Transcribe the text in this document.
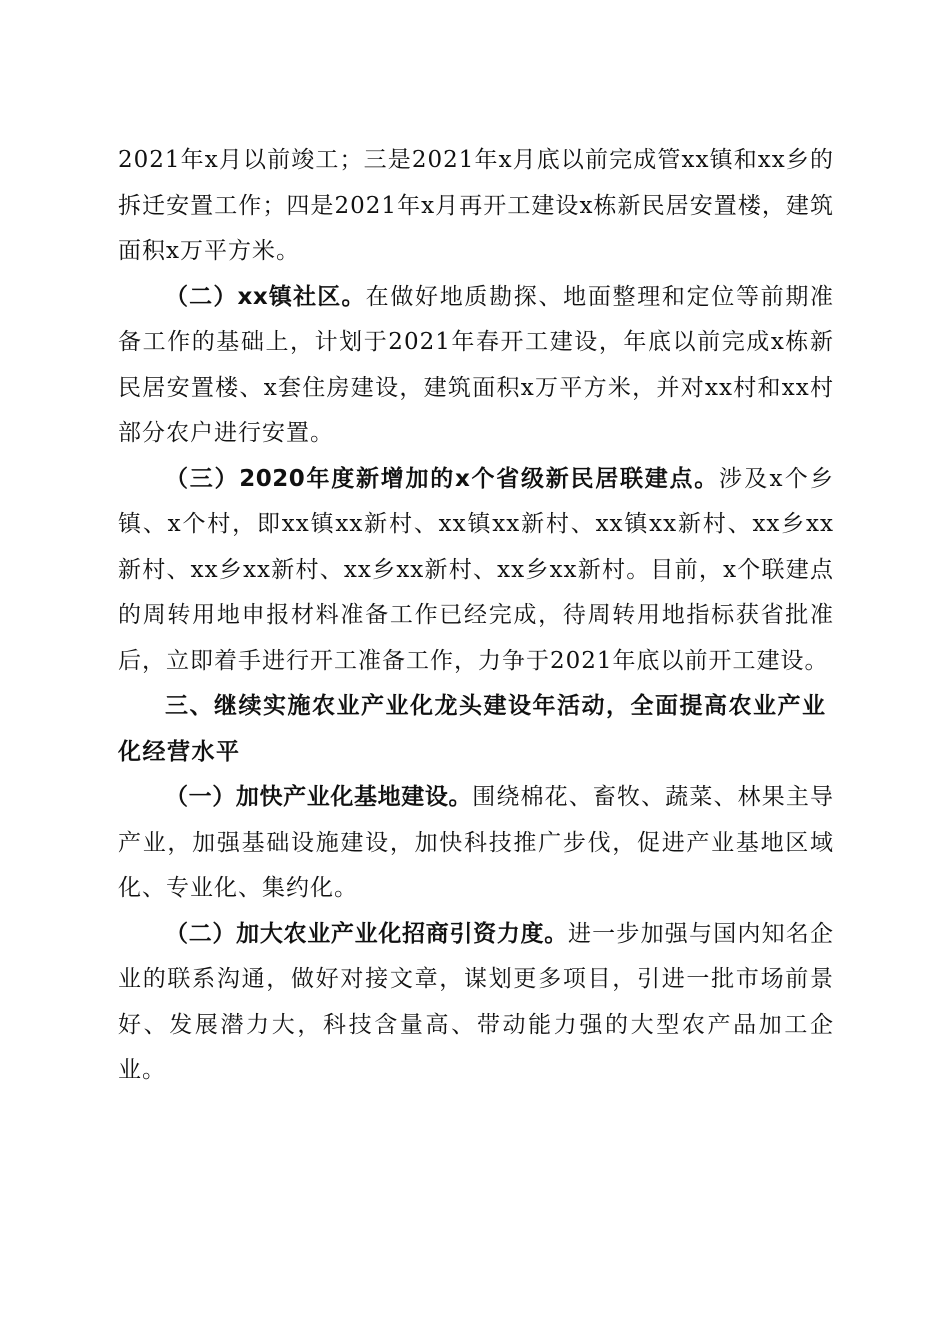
2021年x月以前竣工；三是2021年x月底以前完成管xx镇和xx乡的拆迁安置工作；四是2021年x月再开工建设x栋新民居安置楼，建筑面积x万平方米。

（二）xx镇社区。在做好地质勘探、地面整理和定位等前期准备工作的基础上，计划于2021年春开工建设，年底以前完成x栋新民居安置楼、x套住房建设，建筑面积x万平方米，并对xx村和xx村部分农户进行安置。

（三）2020年度新增加的x个省级新民居联建点。涉及x个乡镇、x个村，即xx镇xx新村、xx镇xx新村、xx镇xx新村、xx乡xx新村、xx乡xx新村、xx乡xx新村、xx乡xx新村。目前，x个联建点的周转用地申报材料准备工作已经完成，待周转用地指标获省批准后，立即着手进行开工准备工作，力争于2021年底以前开工建设。

三、继续实施农业产业化龙头建设年活动，全面提高农业产业化经营水平

（一）加快产业化基地建设。围绕棉花、畜牧、蔬菜、林果主导产业，加强基础设施建设，加快科技推广步伐，促进产业基地区域化、专业化、集约化。

（二）加大农业产业化招商引资力度。进一步加强与国内知名企业的联系沟通，做好对接文章，谋划更多项目，引进一批市场前景好、发展潜力大，科技含量高、带动能力强的大型农产品加工企业。
